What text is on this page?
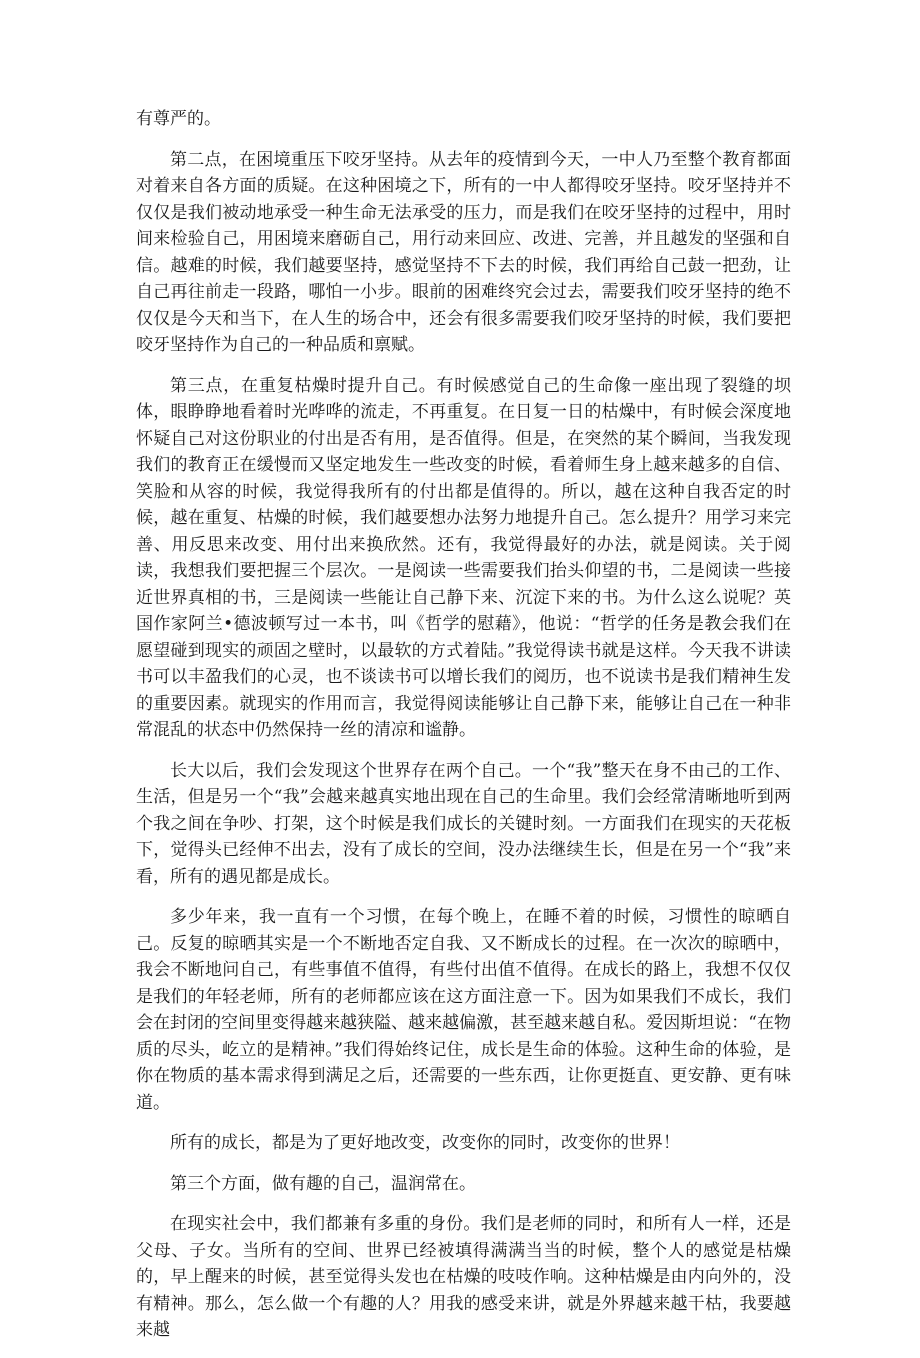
有尊严的。

第二点，在困境重压下咬牙坚持。从去年的疫情到今天，一中人乃至整个教育都面对着来自各方面的质疑。在这种困境之下，所有的一中人都得咬牙坚持。咬牙坚持并不仅仅是我们被动地承受一种生命无法承受的压力，而是我们在咬牙坚持的过程中，用时间来检验自己，用困境来磨砺自己，用行动来回应、改进、完善，并且越发的坚强和自信。越难的时候，我们越要坚持，感觉坚持不下去的时候，我们再给自己鼓一把劲，让自己再往前走一段路，哪怕一小步。眼前的困难终究会过去，需要我们咬牙坚持的绝不仅仅是今天和当下，在人生的场合中，还会有很多需要我们咬牙坚持的时候，我们要把咬牙坚持作为自己的一种品质和禀赋。

第三点，在重复枯燥时提升自己。有时候感觉自己的生命像一座出现了裂缝的坝体，眼睁睁地看着时光哗哗的流走，不再重复。在日复一日的枯燥中，有时候会深度地怀疑自己对这份职业的付出是否有用，是否值得。但是，在突然的某个瞬间，当我发现我们的教育正在缓慢而又坚定地发生一些改变的时候，看着师生身上越来越多的自信、笑脸和从容的时候，我觉得我所有的付出都是值得的。所以，越在这种自我否定的时候，越在重复、枯燥的时候，我们越要想办法努力地提升自己。怎么提升？用学习来完善、用反思来改变、用付出来换欣然。还有，我觉得最好的办法，就是阅读。关于阅读，我想我们要把握三个层次。一是阅读一些需要我们抬头仰望的书，二是阅读一些接近世界真相的书，三是阅读一些能让自己静下来、沉淀下来的书。为什么这么说呢？英国作家阿兰•德波顿写过一本书，叫《哲学的慰藉》，他说：“哲学的任务是教会我们在愿望碰到现实的顽固之壁时，以最软的方式着陆。”我觉得读书就是这样。今天我不讲读书可以丰盈我们的心灵，也不谈读书可以增长我们的阅历，也不说读书是我们精神生发的重要因素。就现实的作用而言，我觉得阅读能够让自己静下来，能够让自己在一种非常混乱的状态中仍然保持一丝的清凉和谧静。

长大以后，我们会发现这个世界存在两个自己。一个“我”整天在身不由己的工作、生活，但是另一个“我”会越来越真实地出现在自己的生命里。我们会经常清晰地听到两个我之间在争吵、打架，这个时候是我们成长的关键时刻。一方面我们在现实的天花板下，觉得头已经伸不出去，没有了成长的空间，没办法继续生长，但是在另一个“我”来看，所有的遇见都是成长。

多少年来，我一直有一个习惯，在每个晚上，在睡不着的时候，习惯性的晾晒自己。反复的晾晒其实是一个不断地否定自我、又不断成长的过程。在一次次的晾晒中，我会不断地问自己，有些事值不值得，有些付出值不值得。在成长的路上，我想不仅仅是我们的年轻老师，所有的老师都应该在这方面注意一下。因为如果我们不成长，我们会在封闭的空间里变得越来越狭隘、越来越偏激，甚至越来越自私。爱因斯坦说：“在物质的尽头，屹立的是精神。”我们得始终记住，成长是生命的体验。这种生命的体验，是你在物质的基本需求得到满足之后，还需要的一些东西，让你更挺直、更安静、更有味道。

所有的成长，都是为了更好地改变，改变你的同时，改变你的世界！

第三个方面，做有趣的自己，温润常在。

在现实社会中，我们都兼有多重的身份。我们是老师的同时，和所有人一样，还是父母、子女。当所有的空间、世界已经被填得满满当当的时候，整个人的感觉是枯燥的，早上醒来的时候，甚至觉得头发也在枯燥的吱吱作响。这种枯燥是由内向外的，没有精神。那么，怎么做一个有趣的人？用我的感受来讲，就是外界越来越干枯，我要越来越
